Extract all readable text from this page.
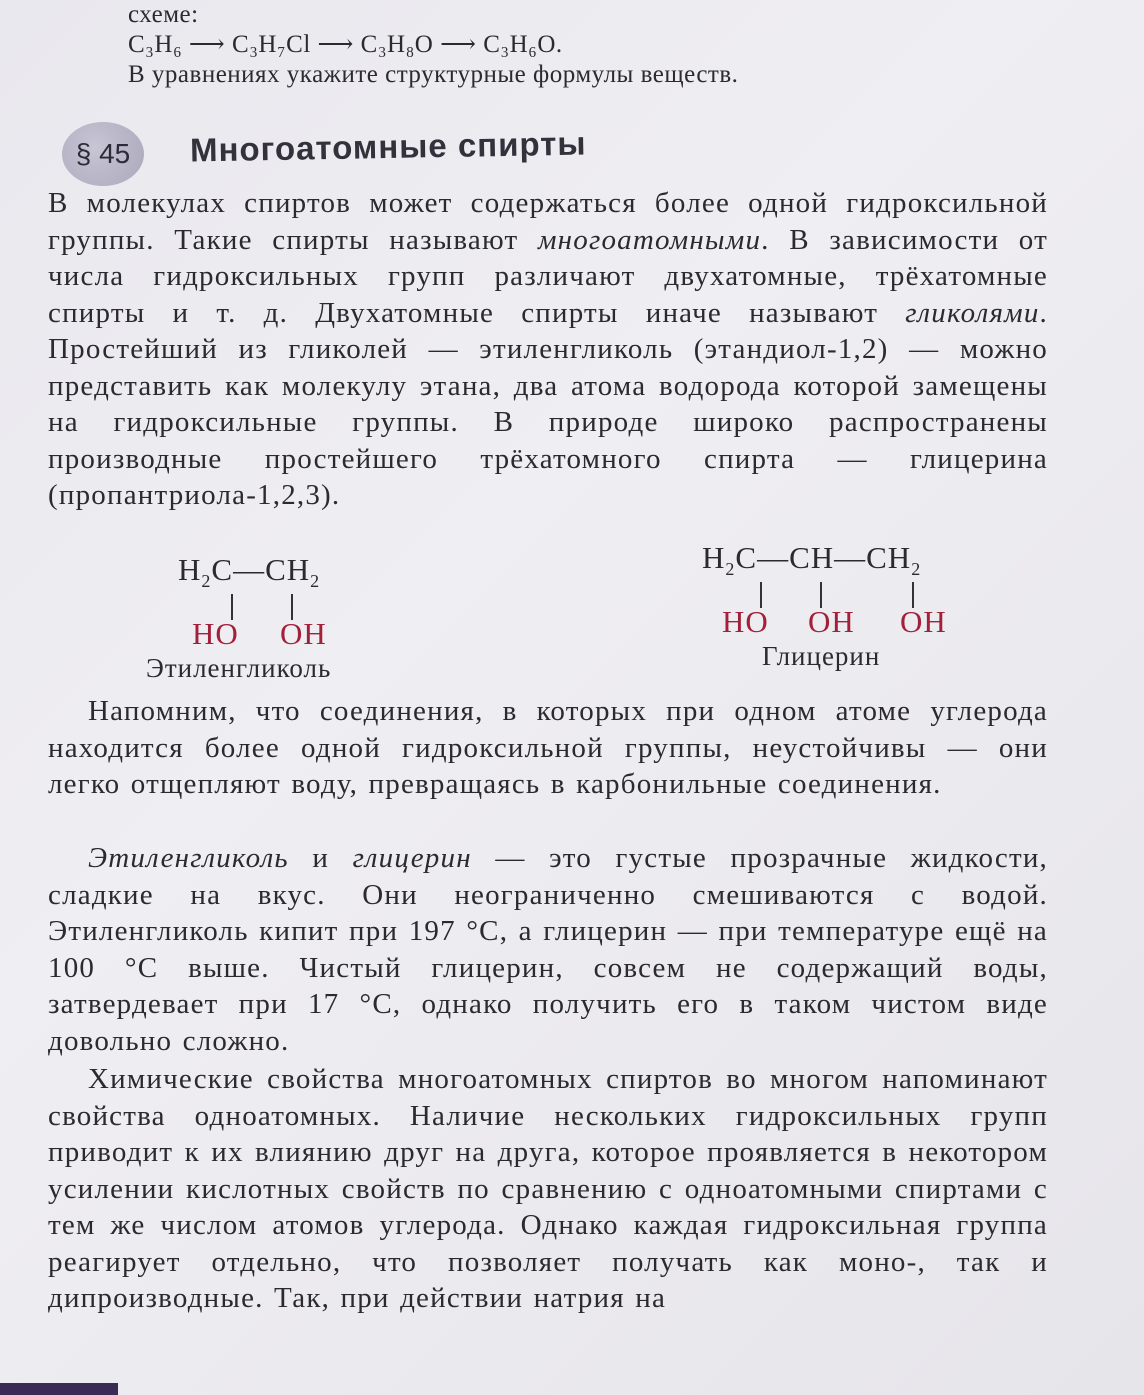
схеме:
C₃H₆ ⟶ C₃H₇Cl ⟶ C₃H₈O ⟶ C₃H₆O.
В уравнениях укажите структурные формулы веществ.
§ 45	Многоатомные спирты

В молекулах спиртов может содержаться более одной гидроксильной группы. Такие спирты называют многоатомными. В зависимости от числа гидроксильных групп различают двухатомные, трёхатомные спирты и т. д. Двухатомные спирты иначе называют гликолями. Простейший из гликолей — этиленгликоль (этандиол-1,2) — можно представить как молекулу этана, два атома водорода которой замещены на гидроксильные группы. В природе широко распространены производные простейшего трёхатомного спирта — глицерина (пропантриола-1,2,3).

$H_2C—CH_2$
HO OH
Этиленгликоль
$H_2C—CH—CH_2$
HO OH OH
Глицерин

Напомним, что соединения, в которых при одном атоме углерода находится более одной гидроксильной группы, неустойчивы — они легко отщепляют воду, превращаясь в карбонильные соединения.

Этиленгликоль и глицерин — это густые прозрачные жидкости, сладкие на вкус. Они неограниченно смешиваются с водой. Этиленгликоль кипит при 197 °C, а глицерин — при температуре ещё на 100 °C выше. Чистый глицерин, совсем не содержащий воды, затвердевает при 17 °C, однако получить его в таком чистом виде довольно сложно.

Химические свойства многоатомных спиртов во многом напоминают свойства одноатомных. Наличие нескольких гидроксильных групп приводит к их влиянию друг на друга, которое проявляется в некотором усилении кислотных свойств по сравнению с одноатомными спиртами с тем же числом атомов углерода. Однако каждая гидроксильная группа реагирует отдельно, что позволяет получать как моно-, так и дипроизводные. Так, при действии натрия на
